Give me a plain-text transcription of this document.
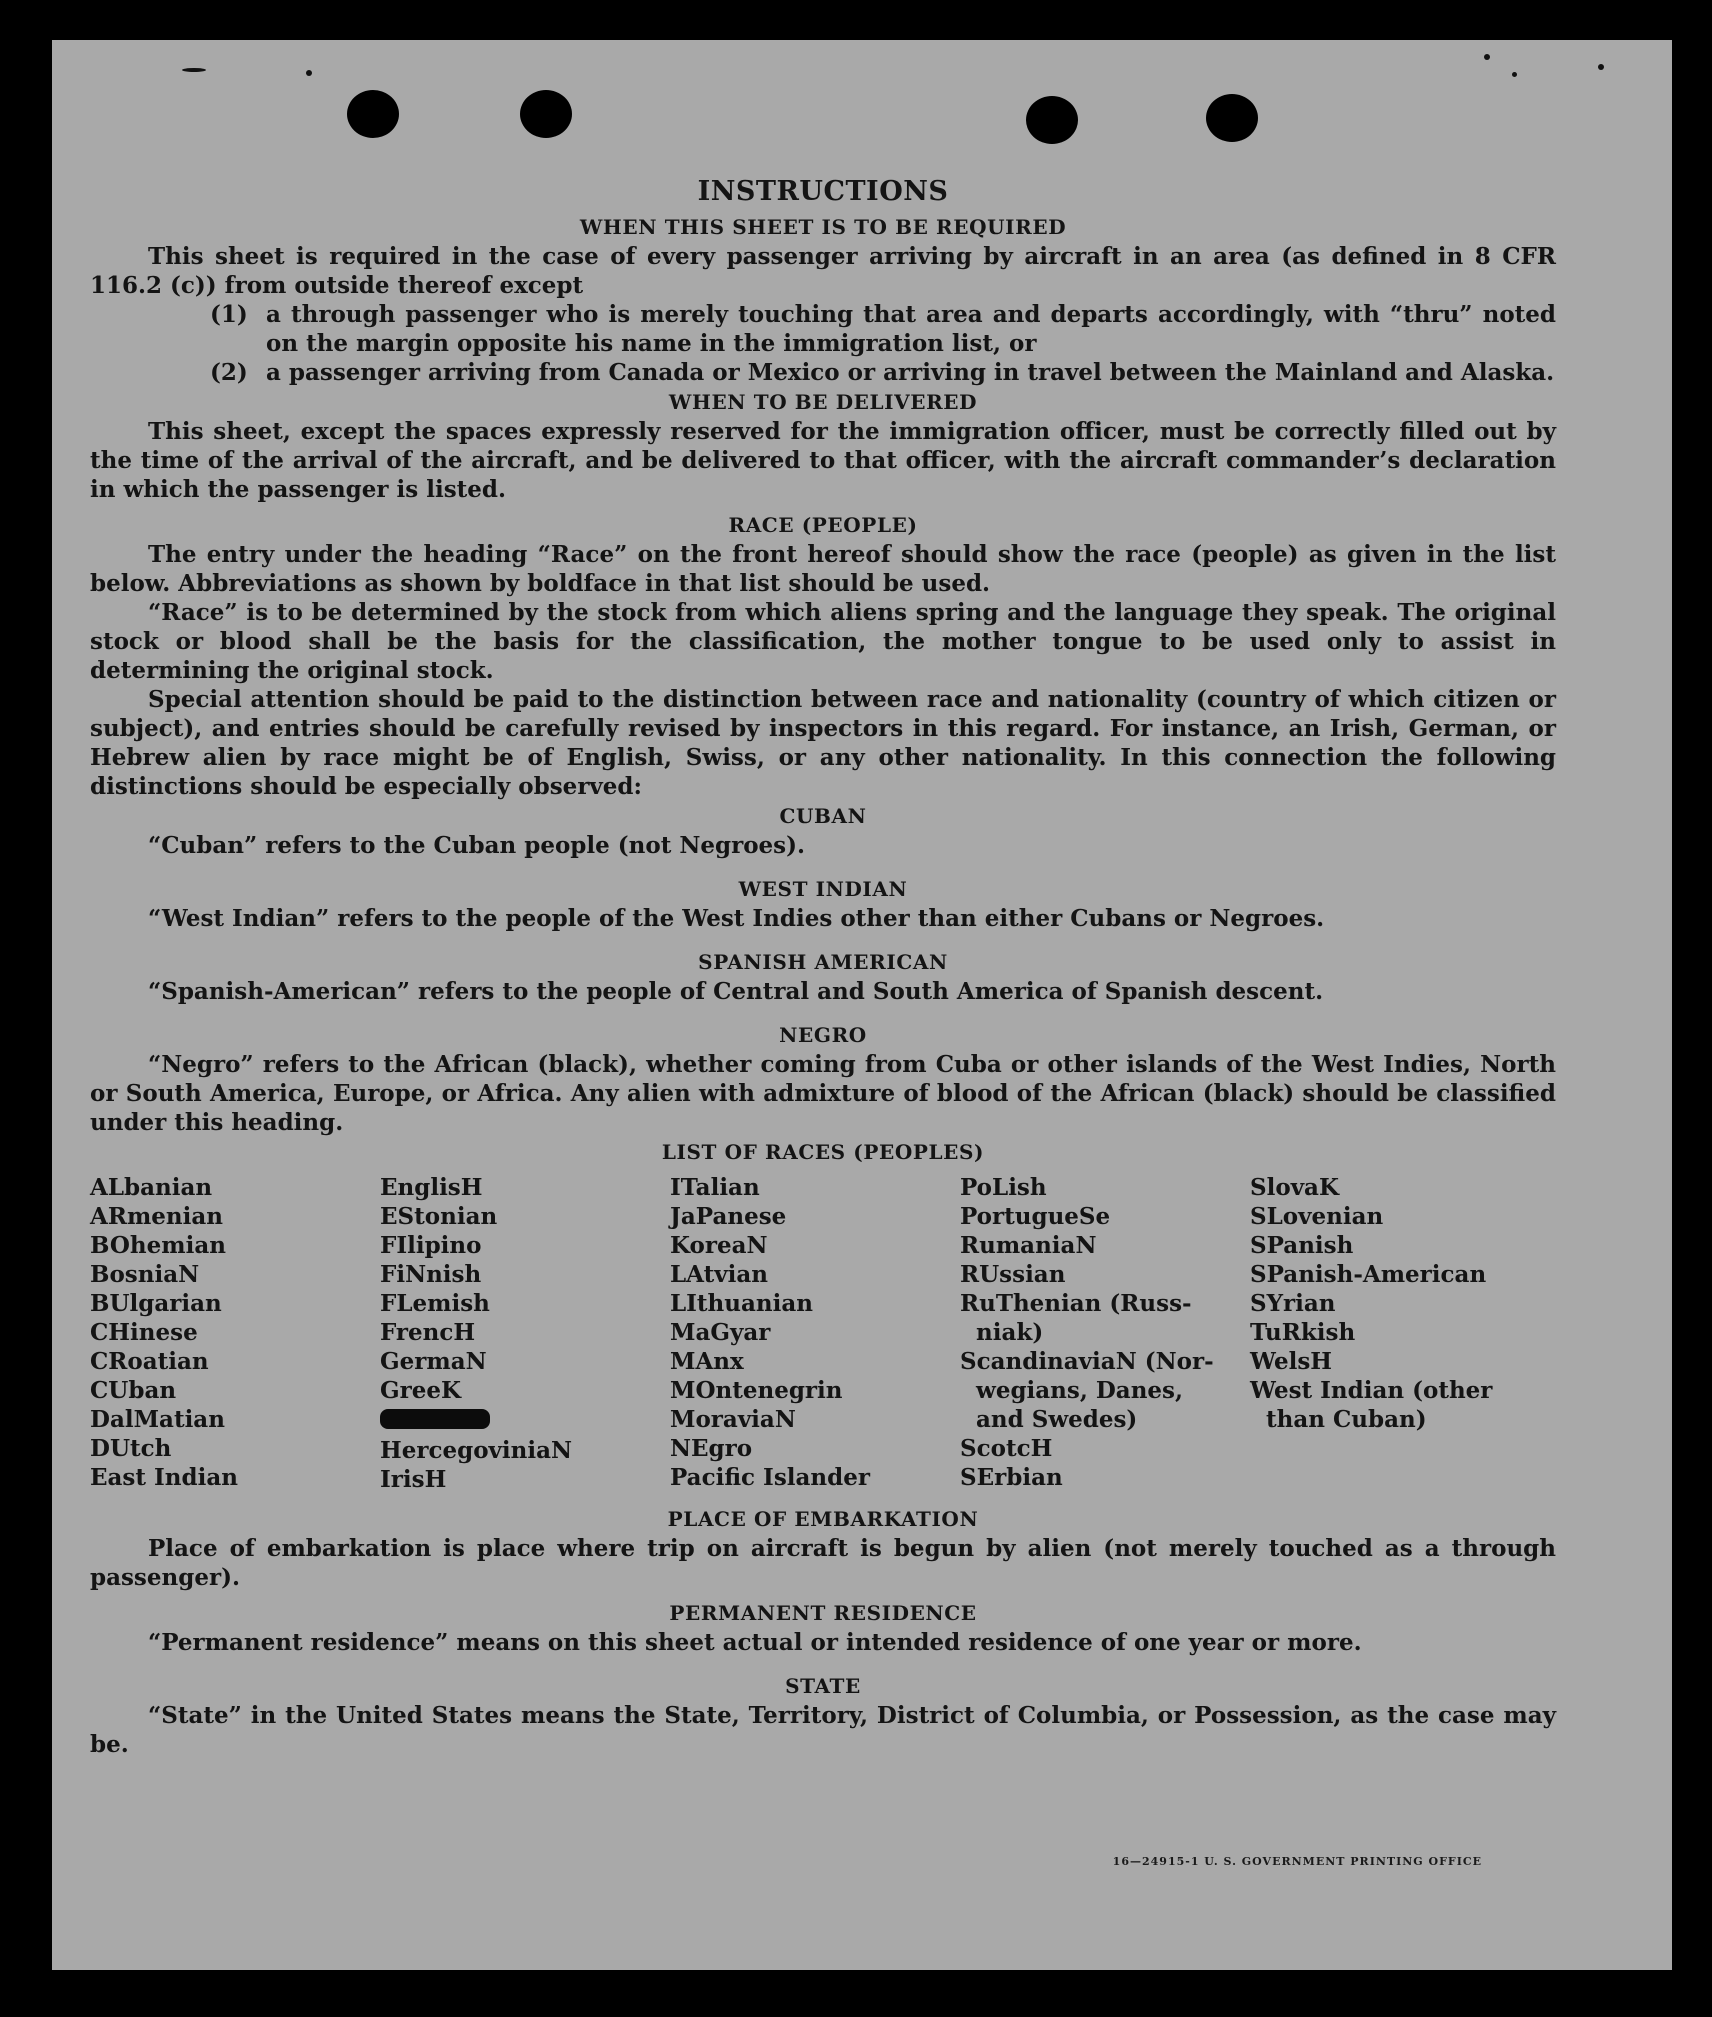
INSTRUCTIONS

WHEN THIS SHEET IS TO BE REQUIRED

This sheet is required in the case of every passenger arriving by aircraft in an area (as defined in 8 CFR 116.2 (c)) from outside thereof except

(1) a through passenger who is merely touching that area and departs accordingly, with “thru” noted on the margin opposite his name in the immigration list, or
(2) a passenger arriving from Canada or Mexico or arriving in travel between the Mainland and Alaska.

WHEN TO BE DELIVERED

This sheet, except the spaces expressly reserved for the immigration officer, must be correctly filled out by the time of the arrival of the aircraft, and be delivered to that officer, with the aircraft commander’s declaration in which the passenger is listed.

RACE (PEOPLE)

The entry under the heading “Race” on the front hereof should show the race (people) as given in the list below. Abbreviations as shown by boldface in that list should be used.

“Race” is to be determined by the stock from which aliens spring and the language they speak. The original stock or blood shall be the basis for the classification, the mother tongue to be used only to assist in determining the original stock.

Special attention should be paid to the distinction between race and nationality (country of which citizen or subject), and entries should be carefully revised by inspectors in this regard. For instance, an Irish, German, or Hebrew alien by race might be of English, Swiss, or any other nationality. In this connection the following distinctions should be especially observed:

CUBAN

“Cuban” refers to the Cuban people (not Negroes).

WEST INDIAN

“West Indian” refers to the people of the West Indies other than either Cubans or Negroes.

SPANISH AMERICAN

“Spanish-American” refers to the people of Central and South America of Spanish descent.

NEGRO

“Negro” refers to the African (black), whether coming from Cuba or other islands of the West Indies, North or South America, Europe, or Africa. Any alien with admixture of blood of the African (black) should be classified under this heading.

LIST OF RACES (PEOPLES)

ALbanian
ARmenian
BOhemian
BosniaN
BUlgarian
CHinese
CRoatian
CUban
DalMatian
DUtch
East Indian
EnglisH
EStonian
FIlipino
FiNnish
FLemish
FrencH
GermaN
GreeK
HercegoviniaN
IrisH
ITalian
JaPanese
KoreaN
LAtvian
LIthuanian
MaGyar
MAnx
MOntenegrin
MoraviaN
NEgro
Pacific Islander
PoLish
PortugueSe
RumaniaN
RUssian
RuThenian (Russ-
niak)
ScandinaviaN (Nor-
wegians, Danes,
and Swedes)
ScotcH
SErbian
SlovaK
SLovenian
SPanish
SPanish-American
SYrian
TuRkish
WelsH
West Indian (other
than Cuban)

PLACE OF EMBARKATION

Place of embarkation is place where trip on aircraft is begun by alien (not merely touched as a through passenger).

PERMANENT RESIDENCE

“Permanent residence” means on this sheet actual or intended residence of one year or more.

STATE

“State” in the United States means the State, Territory, District of Columbia, or Possession, as the case may be.

16—24915-1 U. S. GOVERNMENT PRINTING OFFICE
